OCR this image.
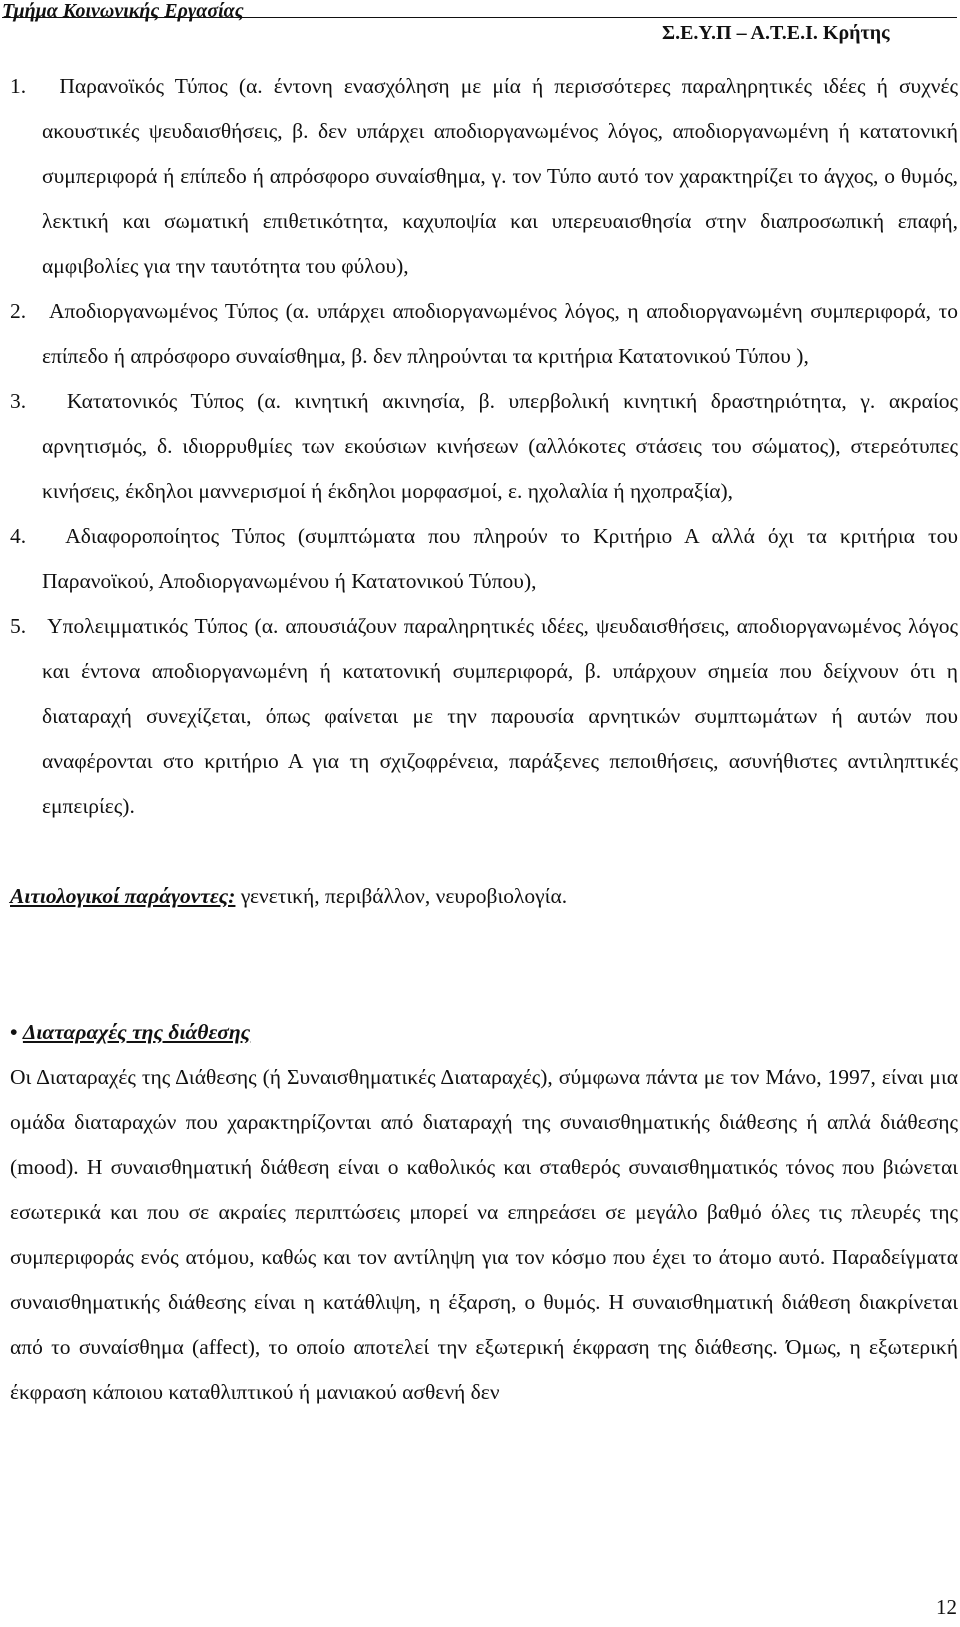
Τμήμα Κοινωνικής Εργασίας
Σ.Ε.Υ.Π – Α.Τ.Ε.Ι. Κρήτης

1. Παρανοϊκός Τύπος (α. έντονη ενασχόληση με μία ή περισσότερες παραληρητικές ιδέες ή συχνές ακουστικές ψευδαισθήσεις, β. δεν υπάρχει αποδιοργανωμένος λόγος, αποδιοργανωμένη ή κατατονική συμπεριφορά ή επίπεδο ή απρόσφορο συναίσθημα, γ. τον Τύπο αυτό τον χαρακτηρίζει το άγχος, ο θυμός, λεκτική και σωματική επιθετικότητα, καχυποψία και υπερευαισθησία στην διαπροσωπική επαφή, αμφιβολίες για την ταυτότητα του φύλου),

2. Αποδιοργανωμένος Τύπος (α. υπάρχει αποδιοργανωμένος λόγος, η αποδιοργανωμένη συμπεριφορά, το επίπεδο ή απρόσφορο συναίσθημα, β. δεν πληρούνται τα κριτήρια Κατατονικού Τύπου ),

3. Κατατονικός Τύπος (α. κινητική ακινησία, β. υπερβολική κινητική δραστηριότητα, γ. ακραίος αρνητισμός, δ. ιδιορρυθμίες των εκούσιων κινήσεων (αλλόκοτες στάσεις του σώματος), στερεότυπες κινήσεις, έκδηλοι μαννερισμοί ή έκδηλοι μορφασμοί, ε. ηχολαλία ή ηχοπραξία),

4. Αδιαφοροποίητος Τύπος (συμπτώματα που πληρούν το Κριτήριο Α αλλά όχι τα κριτήρια του Παρανοϊκού, Αποδιοργανωμένου ή Κατατονικού Τύπου),

5. Υπολειμματικός Τύπος (α. απουσιάζουν παραληρητικές ιδέες, ψευδαισθήσεις, αποδιοργανωμένος λόγος και έντονα αποδιοργανωμένη ή κατατονική συμπεριφορά, β. υπάρχουν σημεία που δείχνουν ότι η διαταραχή συνεχίζεται, όπως φαίνεται με την παρουσία αρνητικών συμπτωμάτων ή αυτών που αναφέρονται στο κριτήριο Α για τη σχιζοφρένεια, παράξενες πεποιθήσεις, ασυνήθιστες αντιληπτικές εμπειρίες).

Αιτιολογικοί παράγοντες: γενετική, περιβάλλον, νευροβιολογία.

• Διαταραχές της διάθεσης

Οι Διαταραχές της Διάθεσης (ή Συναισθηματικές Διαταραχές), σύμφωνα πάντα με τον Μάνο, 1997, είναι μια ομάδα διαταραχών που χαρακτηρίζονται από διαταραχή της συναισθηματικής διάθεσης ή απλά διάθεσης (mood). Η συναισθηματική διάθεση είναι ο καθολικός και σταθερός συναισθηματικός τόνος που βιώνεται εσωτερικά και που σε ακραίες περιπτώσεις μπορεί να επηρεάσει σε μεγάλο βαθμό όλες τις πλευρές της συμπεριφοράς ενός ατόμου, καθώς και τον αντίληψη για τον κόσμο που έχει το άτομο αυτό. Παραδείγματα συναισθηματικής διάθεσης είναι η κατάθλιψη, η έξαρση, ο θυμός. Η συναισθηματική διάθεση διακρίνεται από το συναίσθημα (affect), το οποίο αποτελεί την εξωτερική έκφραση της διάθεσης. Όμως, η εξωτερική έκφραση κάποιου καταθλιπτικού ή μανιακού ασθενή δεν

12
